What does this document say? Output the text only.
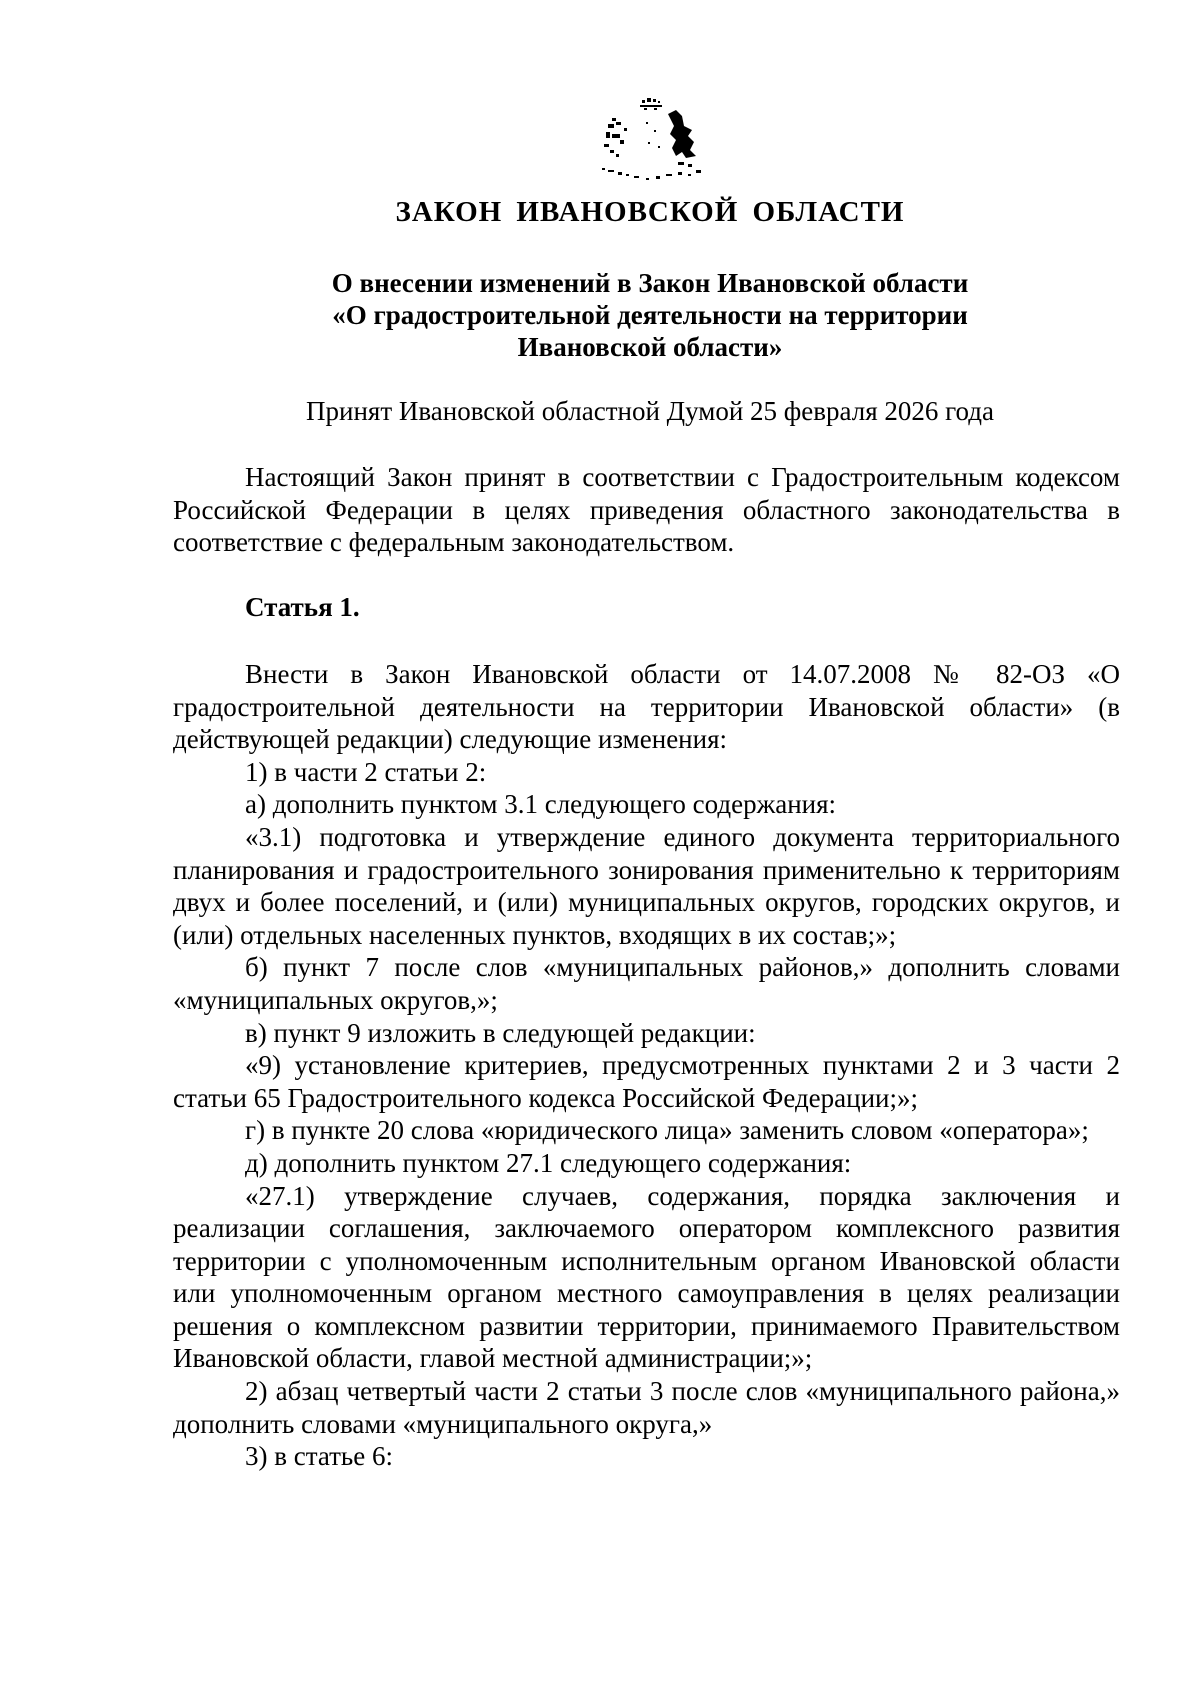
ЗАКОН ИВАНОВСКОЙ ОБЛАСТИ
О внесении изменений в Закон Ивановской области
«О градостроительной деятельности на территории
Ивановской области»
Принят Ивановской областной Думой 25 февраля 2026 года

Настоящий Закон принят в соответствии с Градостроительным кодексом Российской Федерации в целях приведения областного законодательства в соответствие с федеральным законодательством.

Статья 1.

Внести в Закон Ивановской области от 14.07.2008 № 82-ОЗ «О градостроительной деятельности на территории Ивановской области» (в действующей редакции) следующие изменения:

1) в части 2 статьи 2:

а) дополнить пунктом 3.1 следующего содержания:

«3.1) подготовка и утверждение единого документа территориального планирования и градостроительного зонирования применительно к территориям двух и более поселений, и (или) муниципальных округов, городских округов, и (или) отдельных населенных пунктов, входящих в их состав;»;

б) пункт 7 после слов «муниципальных районов,» дополнить словами «муниципальных округов,»;

в) пункт 9 изложить в следующей редакции:

«9) установление критериев, предусмотренных пунктами 2 и 3 части 2 статьи 65 Градостроительного кодекса Российской Федерации;»;

г) в пункте 20 слова «юридического лица» заменить словом «оператора»;

д) дополнить пунктом 27.1 следующего содержания:

«27.1) утверждение случаев, содержания, порядка заключения и реализации соглашения, заключаемого оператором комплексного развития территории с уполномоченным исполнительным органом Ивановской области или уполномоченным органом местного самоуправления в целях реализации решения о комплексном развитии территории, принимаемого Правительством Ивановской области, главой местной администрации;»;

2) абзац четвертый части 2 статьи 3 после слов «муниципального района,» дополнить словами «муниципального округа,»

3) в статье 6:
